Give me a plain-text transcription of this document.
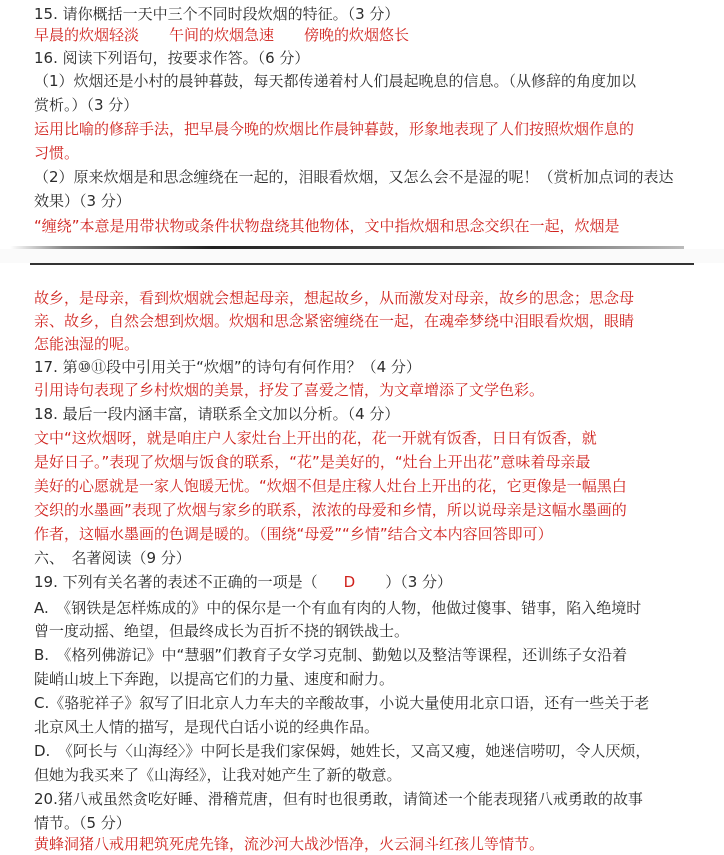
15. 请你概括一天中三个不同时段炊烟的特征。（3 分）
早晨的炊烟轻淡　　午间的炊烟急速　　傍晚的炊烟悠长
16. 阅读下列语句，按要求作答。（6 分）
（1）炊烟还是小村的晨钟暮鼓，每天都传递着村人们晨起晚息的信息。（从修辞的角度加以
赏析。）（3 分）
运用比喻的修辞手法，把早晨今晚的炊烟比作晨钟暮鼓，形象地表现了人们按照炊烟作息的
习惯。
（2）原来炊烟是和思念缠绕在一起的，泪眼看炊烟，又怎么会不是湿的呢！（赏析加点词的表达
效果）（3 分）
“缠绕”本意是用带状物或条件状物盘绕其他物体，文中指炊烟和思念交织在一起，炊烟是
故乡，是母亲，看到炊烟就会想起母亲，想起故乡，从而激发对母亲，故乡的思念；思念母
亲、故乡，自然会想到炊烟。炊烟和思念紧密缠绕在一起，在魂牵梦绕中泪眼看炊烟，眼睛
怎能浊湿的呢。
17. 第⑩⑪段中引用关于“炊烟”的诗句有何作用？（4 分）
引用诗句表现了乡村炊烟的美景，抒发了喜爱之情，为文章增添了文学色彩。
18. 最后一段内涵丰富，请联系全文加以分析。（4 分）
文中“这炊烟呀，就是咱庄户人家灶台上开出的花，花一开就有饭香，日日有饭香，就
是好日子。”表现了炊烟与饭食的联系，“花”是美好的，“灶台上开出花”意味着母亲最
美好的心愿就是一家人饱暖无忧。“炊烟不但是庄稼人灶台上开出的花，它更像是一幅黑白
交织的水墨画”表现了炊烟与家乡的联系，浓浓的母爱和乡情，所以说母亲是这幅水墨画的
作者，这幅水墨画的色调是暖的。（围绕“母爱”“乡情”结合文本内容回答即可）
六、　名著阅读（9 分）
19. 下列有关名著的表述不正确的一项是（ D ）（3 分）
A.　《钢铁是怎样炼成的》中的保尔是一个有血有肉的人物，他做过傻事、错事，陷入绝境时
曾一度动摇、绝望，但最终成长为百折不挠的钢铁战士。
B.　《格列佛游记》中“慧骃”们教育子女学习克制、勤勉以及整洁等课程，还训练子女沿着
陡峭山坡上下奔跑，以提高它们的力量、速度和耐力。
C.《骆驼祥子》叙写了旧北京人力车夫的辛酸故事，小说大量使用北京口语，还有一些关于老
北京风土人情的描写，是现代白话小说的经典作品。
D.　《阿长与〈山海经〉》中阿长是我们家保姆，她姓长，又高又瘦，她迷信唠叨，令人厌烦，
但她为我买来了《山海经》，让我对她产生了新的敬意。
20.猪八戒虽然贪吃好睡、滑稽荒唐，但有时也很勇敢，请简述一个能表现猪八戒勇敢的故事
情节。（5 分）
黄蜂洞猪八戒用耙筑死虎先锋，流沙河大战沙悟净，火云洞斗红孩儿等情节。
